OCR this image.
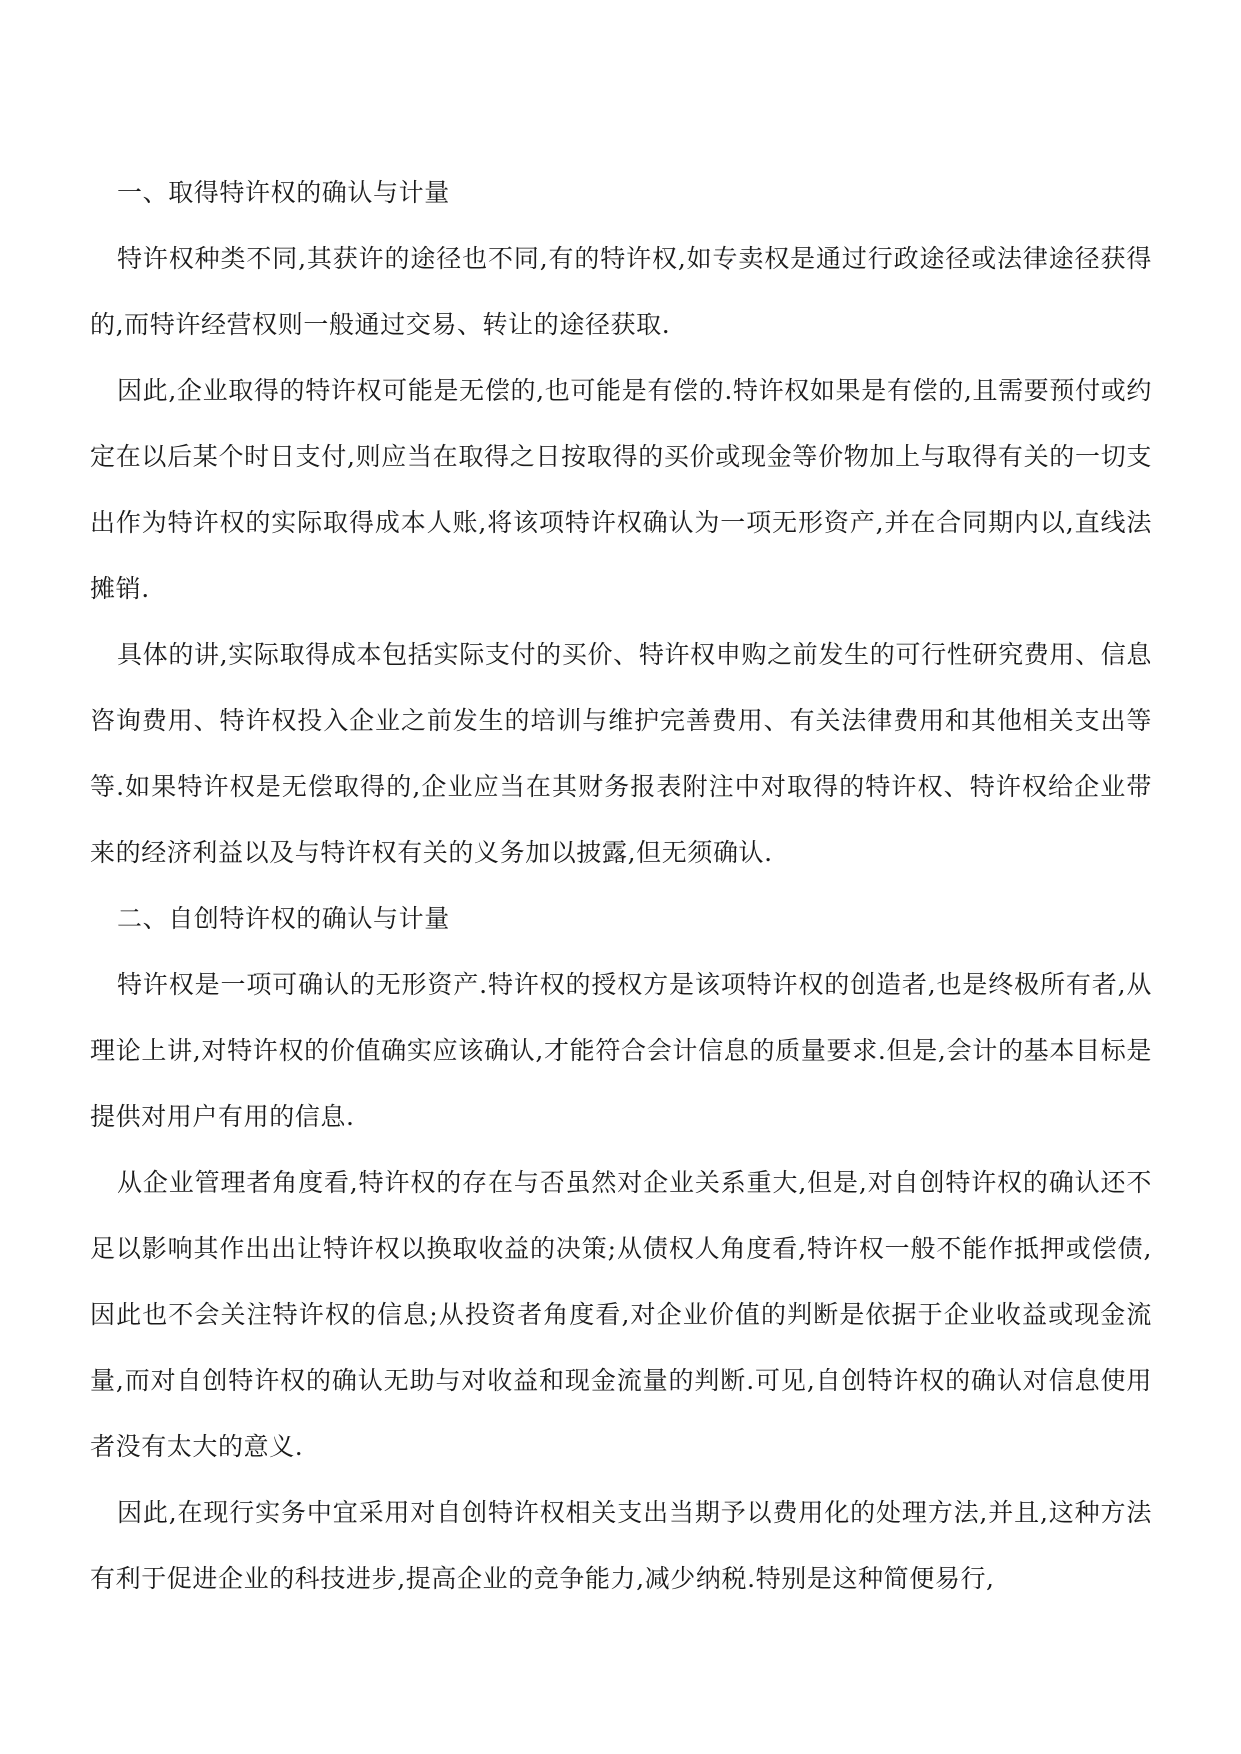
一、取得特许权的确认与计量

特许权种类不同,其获许的途径也不同,有的特许权,如专卖权是通过行政途径或法律途径获得的,而特许经营权则一般通过交易、转让的途径获取.

因此,企业取得的特许权可能是无偿的,也可能是有偿的.特许权如果是有偿的,且需要预付或约定在以后某个时日支付,则应当在取得之日按取得的买价或现金等价物加上与取得有关的一切支出作为特许权的实际取得成本人账,将该项特许权确认为一项无形资产,并在合同期内以,直线法摊销.

具体的讲,实际取得成本包括实际支付的买价、特许权申购之前发生的可行性研究费用、信息咨询费用、特许权投入企业之前发生的培训与维护完善费用、有关法律费用和其他相关支出等等.如果特许权是无偿取得的,企业应当在其财务报表附注中对取得的特许权、特许权给企业带来的经济利益以及与特许权有关的义务加以披露,但无须确认.

二、自创特许权的确认与计量

特许权是一项可确认的无形资产.特许权的授权方是该项特许权的创造者,也是终极所有者,从理论上讲,对特许权的价值确实应该确认,才能符合会计信息的质量要求.但是,会计的基本目标是提供对用户有用的信息.

从企业管理者角度看,特许权的存在与否虽然对企业关系重大,但是,对自创特许权的确认还不足以影响其作出出让特许权以换取收益的决策;从债权人角度看,特许权一般不能作抵押或偿债,因此也不会关注特许权的信息;从投资者角度看,对企业价值的判断是依据于企业收益或现金流量,而对自创特许权的确认无助与对收益和现金流量的判断.可见,自创特许权的确认对信息使用者没有太大的意义.

因此,在现行实务中宜采用对自创特许权相关支出当期予以费用化的处理方法,并且,这种方法有利于促进企业的科技进步,提高企业的竞争能力,减少纳税.特别是这种简便易行,
